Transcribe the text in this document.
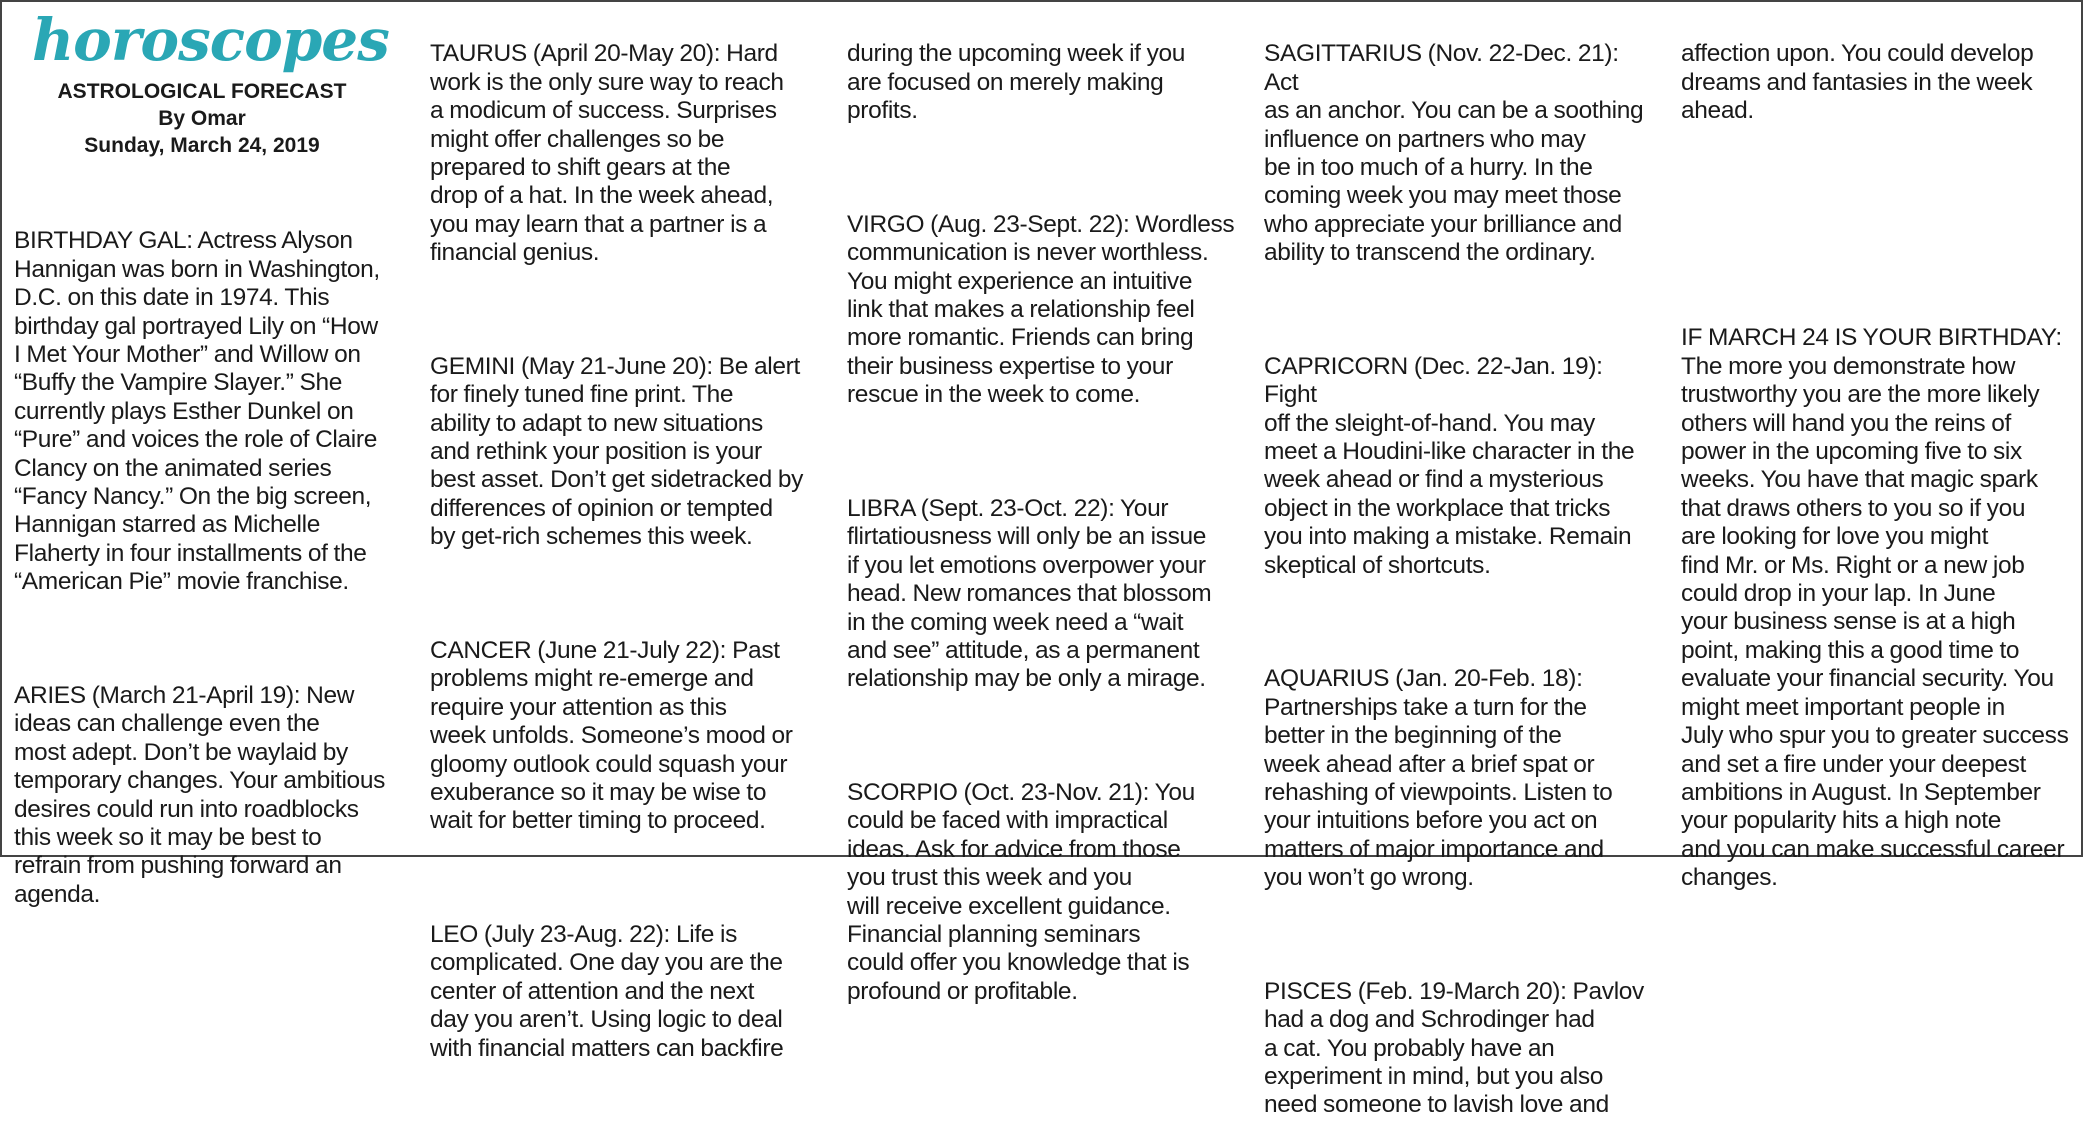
horoscopes
ASTROLOGICAL FORECAST
By Omar
Sunday, March 24, 2019

BIRTHDAY GAL: Actress Alyson
Hannigan was born in Washington,
D.C. on this date in 1974. This
birthday gal portrayed Lily on “How
I Met Your Mother” and Willow on
“Buffy the Vampire Slayer.” She
currently plays Esther Dunkel on
“Pure” and voices the role of Claire
Clancy on the animated series
“Fancy Nancy.” On the big screen,
Hannigan starred as Michelle
Flaherty in four installments of the
“American Pie” movie franchise.

ARIES (March 21-April 19): New
ideas can challenge even the
most adept. Don’t be waylaid by
temporary changes. Your ambitious
desires could run into roadblocks
this week so it may be best to
refrain from pushing forward an
agenda.

TAURUS (April 20-May 20): Hard
work is the only sure way to reach
a modicum of success. Surprises
might offer challenges so be
prepared to shift gears at the
drop of a hat. In the week ahead,
you may learn that a partner is a
financial genius.

GEMINI (May 21-June 20): Be alert
for finely tuned fine print. The
ability to adapt to new situations
and rethink your position is your
best asset. Don’t get sidetracked by
differences of opinion or tempted
by get-rich schemes this week.

CANCER (June 21-July 22): Past
problems might re-emerge and
require your attention as this
week unfolds. Someone’s mood or
gloomy outlook could squash your
exuberance so it may be wise to
wait for better timing to proceed.

LEO (July 23-Aug. 22): Life is
complicated. One day you are the
center of attention and the next
day you aren’t. Using logic to deal
with financial matters can backfire

during the upcoming week if you
are focused on merely making
profits.

VIRGO (Aug. 23-Sept. 22): Wordless
communication is never worthless.
You might experience an intuitive
link that makes a relationship feel
more romantic. Friends can bring
their business expertise to your
rescue in the week to come.

LIBRA (Sept. 23-Oct. 22): Your
flirtatiousness will only be an issue
if you let emotions overpower your
head. New romances that blossom
in the coming week need a “wait
and see” attitude, as a permanent
relationship may be only a mirage.

SCORPIO (Oct. 23-Nov. 21): You
could be faced with impractical
ideas. Ask for advice from those
you trust this week and you
will receive excellent guidance.
Financial planning seminars
could offer you knowledge that is
profound or profitable.

SAGITTARIUS (Nov. 22-Dec. 21): Act
as an anchor. You can be a soothing
influence on partners who may
be in too much of a hurry. In the
coming week you may meet those
who appreciate your brilliance and
ability to transcend the ordinary.

CAPRICORN (Dec. 22-Jan. 19): Fight
off the sleight-of-hand. You may
meet a Houdini-like character in the
week ahead or find a mysterious
object in the workplace that tricks
you into making a mistake. Remain
skeptical of shortcuts.

AQUARIUS (Jan. 20-Feb. 18):
Partnerships take a turn for the
better in the beginning of the
week ahead after a brief spat or
rehashing of viewpoints. Listen to
your intuitions before you act on
matters of major importance and
you won’t go wrong.

PISCES (Feb. 19-March 20): Pavlov
had a dog and Schrodinger had
a cat. You probably have an
experiment in mind, but you also
need someone to lavish love and

affection upon. You could develop
dreams and fantasies in the week
ahead.

IF MARCH 24 IS YOUR BIRTHDAY:
The more you demonstrate how
trustworthy you are the more likely
others will hand you the reins of
power in the upcoming five to six
weeks. You have that magic spark
that draws others to you so if you
are looking for love you might
find Mr. or Ms. Right or a new job
could drop in your lap. In June
your business sense is at a high
point, making this a good time to
evaluate your financial security. You
might meet important people in
July who spur you to greater success
and set a fire under your deepest
ambitions in August. In September
your popularity hits a high note
and you can make successful career
changes.
